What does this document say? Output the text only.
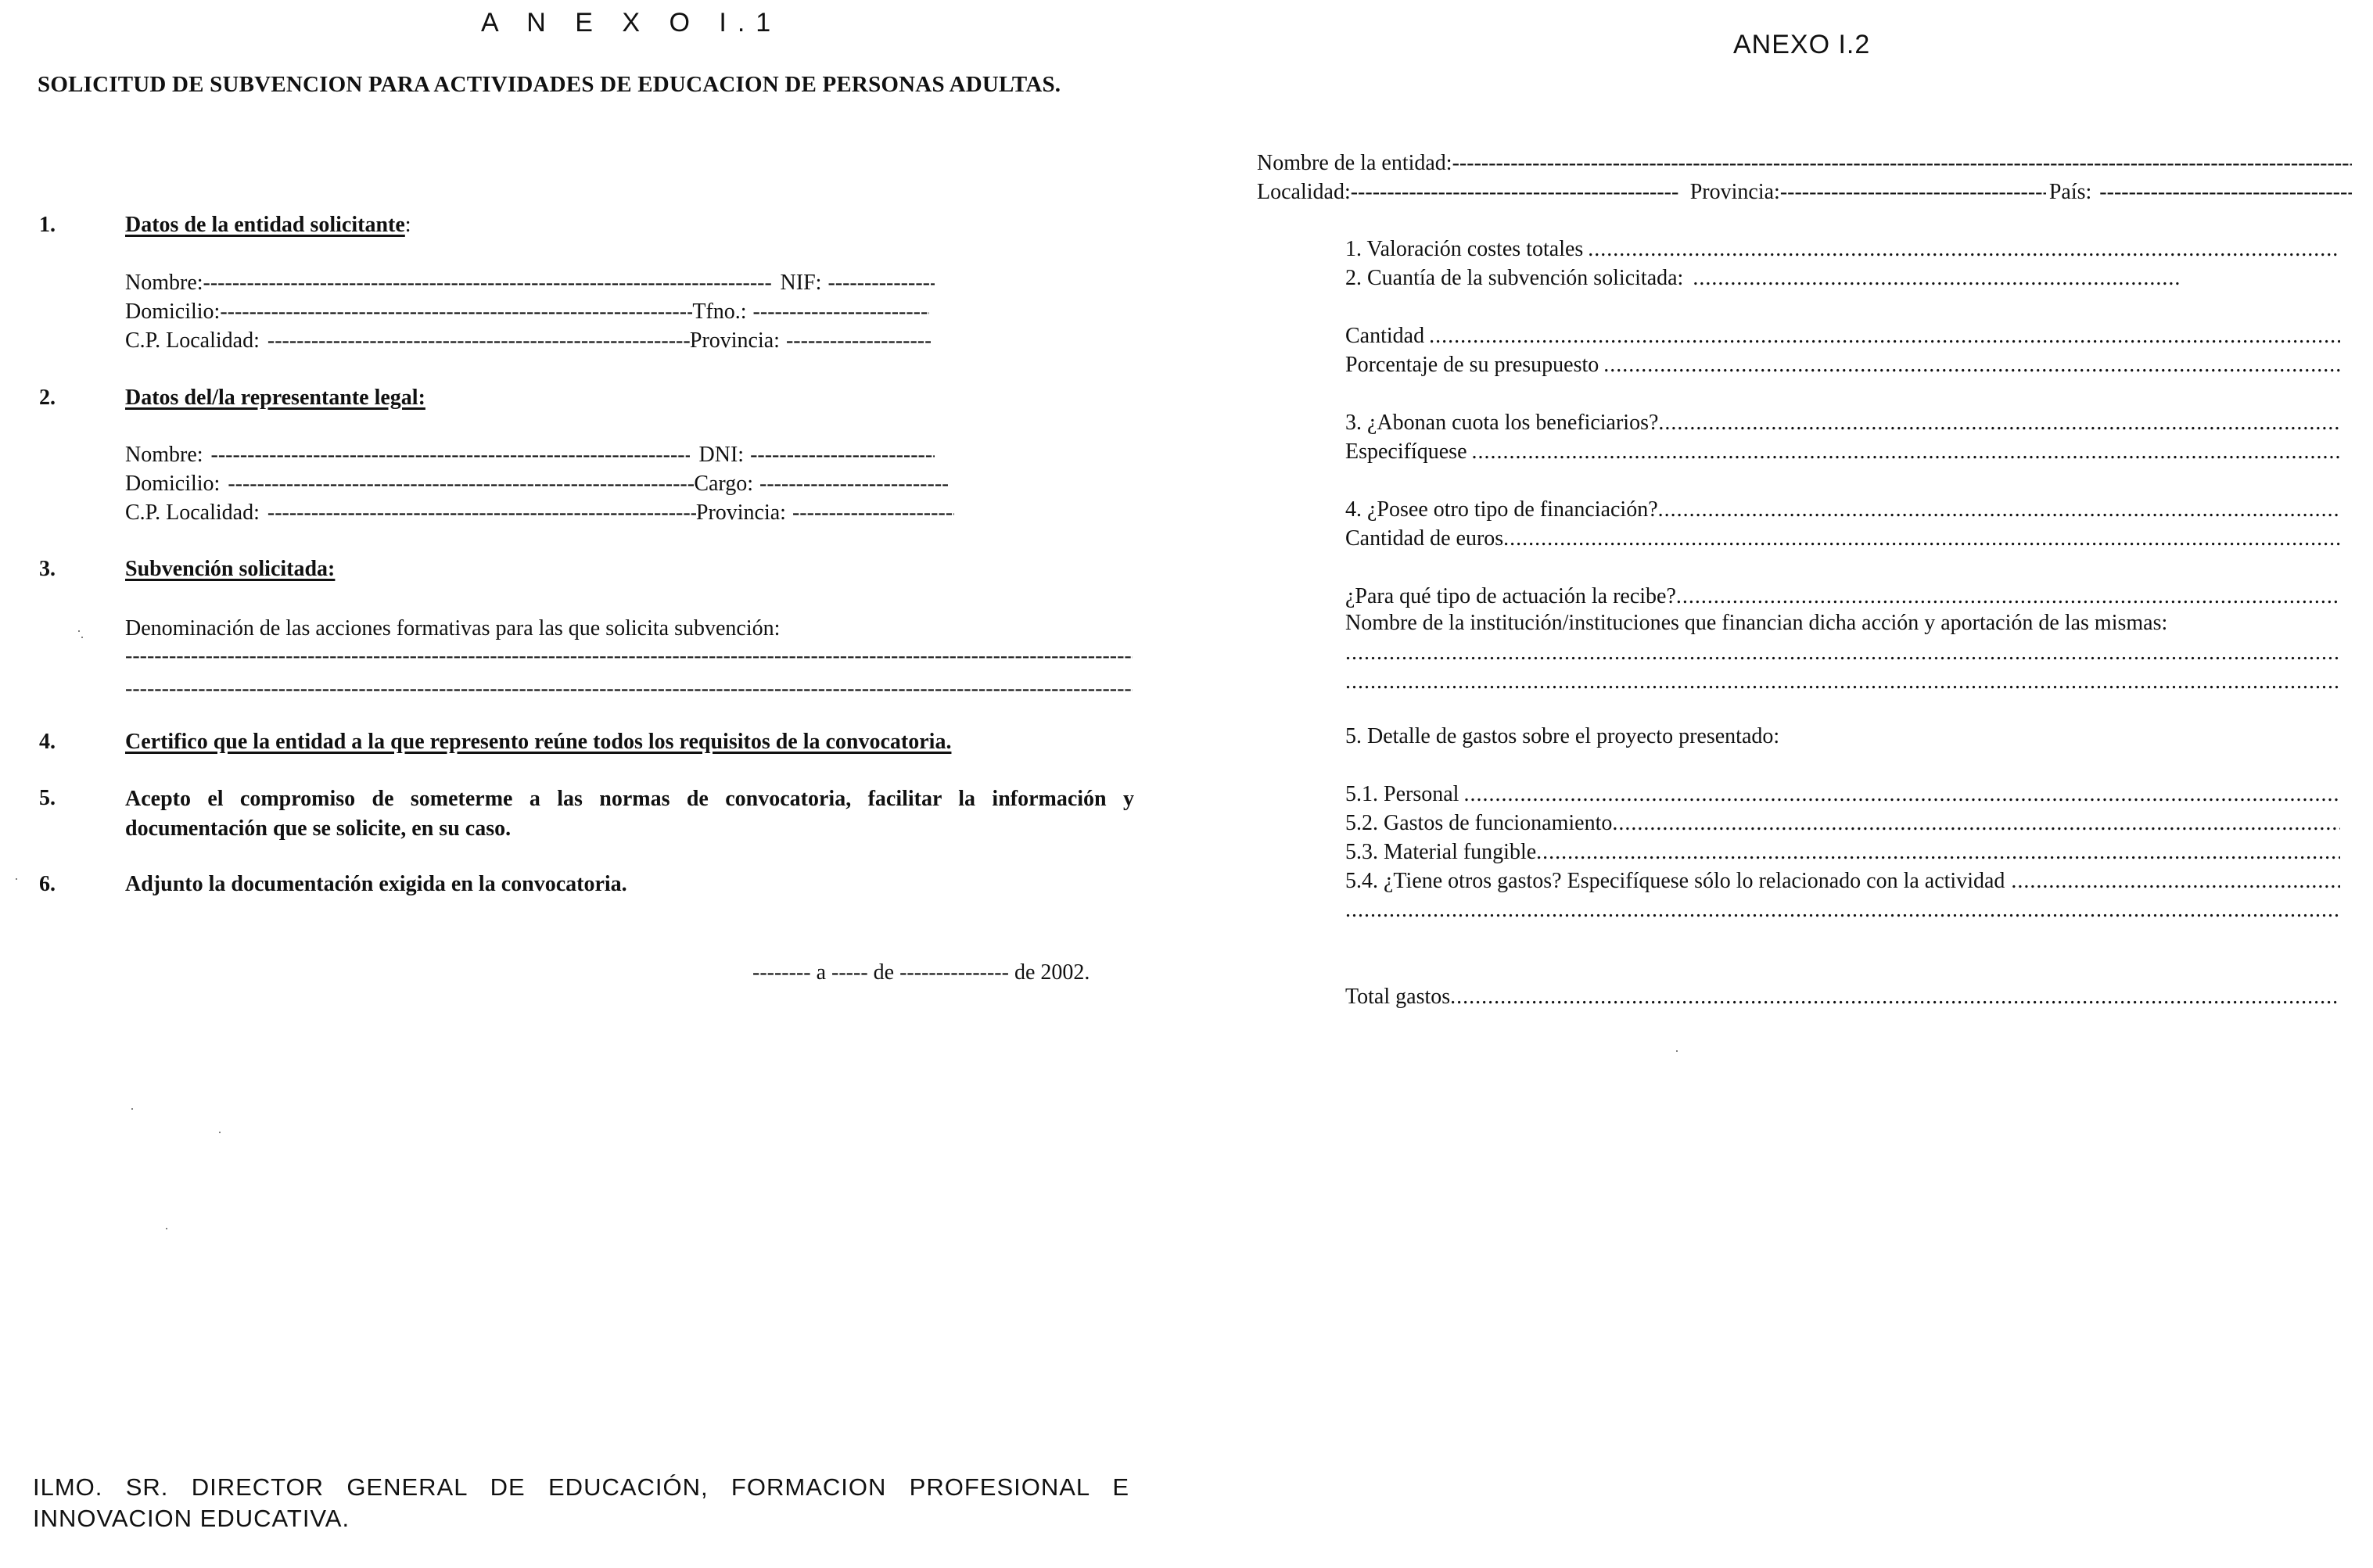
A N E X O I.1
SOLICITUD DE SUBVENCION PARA ACTIVIDADES DE EDUCACION DE PERSONAS ADULTAS.
1.	Datos de la entidad solicitante:
Nombre: -----	NIF:
-----
Domicilio: -----	Tfno.:
-----
C.P. Localidad: -----	Provincia:
-----
2.	Datos del/la representante legal:
Nombre: -----	DNI:
-----
Domicilio: -----	Cargo:
-----
C.P. Localidad: -----	Provincia:
-----
3.	Subvención solicitada:
Denominación de las acciones formativas para las que solicita subvención:
-----
-----
4.	Certifico que la entidad a la que represento reúne todos los requisitos de la convocatoria.
5.	Acepto el compromiso de someterme a las normas de convocatoria, facilitar la información y documentación que se solicite, en su caso.
6.	Adjunto la documentación exigida en la convocatoria.
-------- a ----- de --------------- de 2002.
ILMO. SR. DIRECTOR GENERAL DE EDUCACIÓN, FORMACION PROFESIONAL E INNOVACION EDUCATIVA.
ANEXO I.2
Nombre de la entidad:
-----
Localidad: -----	Provincia: -----	País:
-----
1. Valoración costes totales
.....
2. Cuantía de la subvención solicitada:
.....
Cantidad
.....
Porcentaje de su presupuesto
.....
3. ¿Abonan cuota los beneficiarios?
.....
Especifíquese
.....
4. ¿Posee otro tipo de financiación?
.....
Cantidad de euros
.....
¿Para qué tipo de actuación la recibe?
.....
Nombre de la institución/instituciones que financian dicha acción y aportación de las mismas:
.....
.....
5. Detalle de gastos sobre el proyecto presentado:
5.1. Personal
.....
5.2. Gastos de funcionamiento
.....
5.3. Material fungible
.....
5.4. ¿Tiene otros gastos? Especifíquese sólo lo relacionado con la actividad
.....
.....
Total gastos
.....
